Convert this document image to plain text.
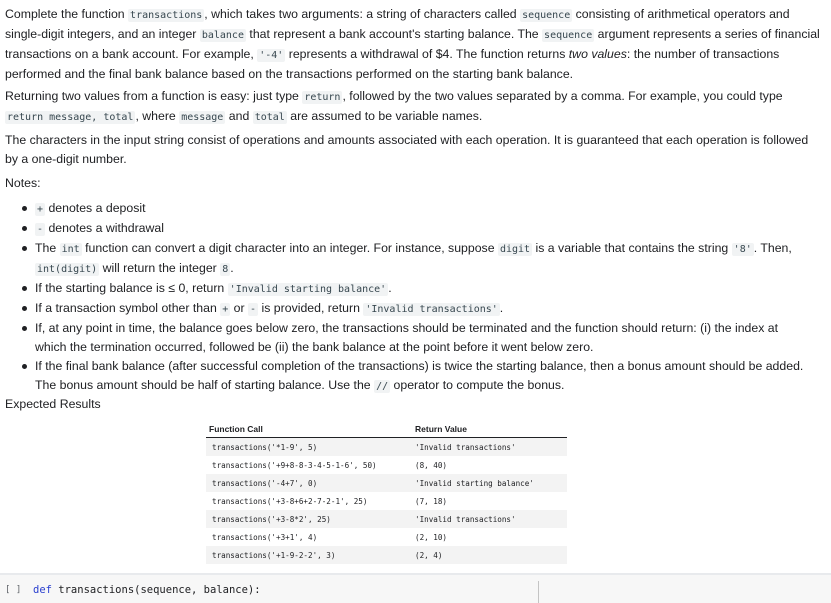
Complete the function transactions , which takes two arguments: a string of characters called sequence consisting of arithmetical operators and single-digit integers, and an integer balance that represent a bank account's starting balance. The sequence argument represents a series of financial transactions on a bank account. For example, '-4' represents a withdrawal of $4. The function returns two values: the number of transactions performed and the final bank balance based on the transactions performed on the starting bank balance.

Returning two values from a function is easy: just type return , followed by the two values separated by a comma. For example, you could type return message, total , where message and total are assumed to be variable names.

The characters in the input string consist of operations and amounts associated with each operation. It is guaranteed that each operation is followed by a one-digit number.

Notes:

+ denotes a deposit
- denotes a withdrawal
The int function can convert a digit character into an integer. For instance, suppose digit is a variable that contains the string '8' . Then, int(digit) will return the integer 8 .
If the starting balance is ≤ 0, return 'Invalid starting balance' .
If a transaction symbol other than + or - is provided, return 'Invalid transactions' .
If, at any point in time, the balance goes below zero, the transactions should be terminated and the function should return: (i) the index at which the termination occurred, followed be (ii) the bank balance at the point before it went below zero.
If the final bank balance (after successful completion of the transactions) is twice the starting balance, then a bonus amount should be added. The bonus amount should be half of starting balance. Use the // operator to compute the bonus.

Expected Results

Function Call	Return Value
transactions('*1-9', 5)	'Invalid transactions'
transactions('+9+8-8-3-4-5-1-6', 50)	(8, 40)
transactions('-4+7', 0)	'Invalid starting balance'
transactions('+3-8+6+2-7-2-1', 25)	(7, 18)
transactions('+3-8*2', 25)	'Invalid transactions'
transactions('+3+1', 4)	(2, 10)
transactions('+1-9-2-2', 3)	(2, 4)
[ ] def transactions(sequence, balance):
